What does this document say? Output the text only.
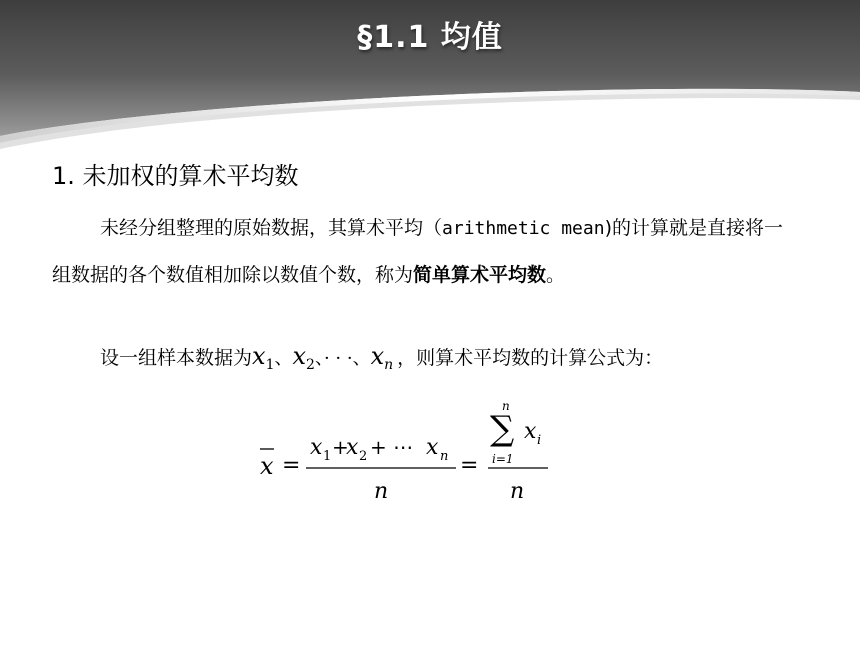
§1.1 均值
1. 未加权的算术平均数

未经分组整理的原始数据，其算术平均（arithmetic mean)的计算就是直接将一组数据的各个数值相加除以数值个数，称为简单算术平均数。

设一组样本数据为$x_1$、$x_2$、· · ·、$x_n$ ，则算术平均数的计算公式为：
x =
x 1 +
x 2 + ⋯ x n
n
=
n
∑ x i
i=1
n
